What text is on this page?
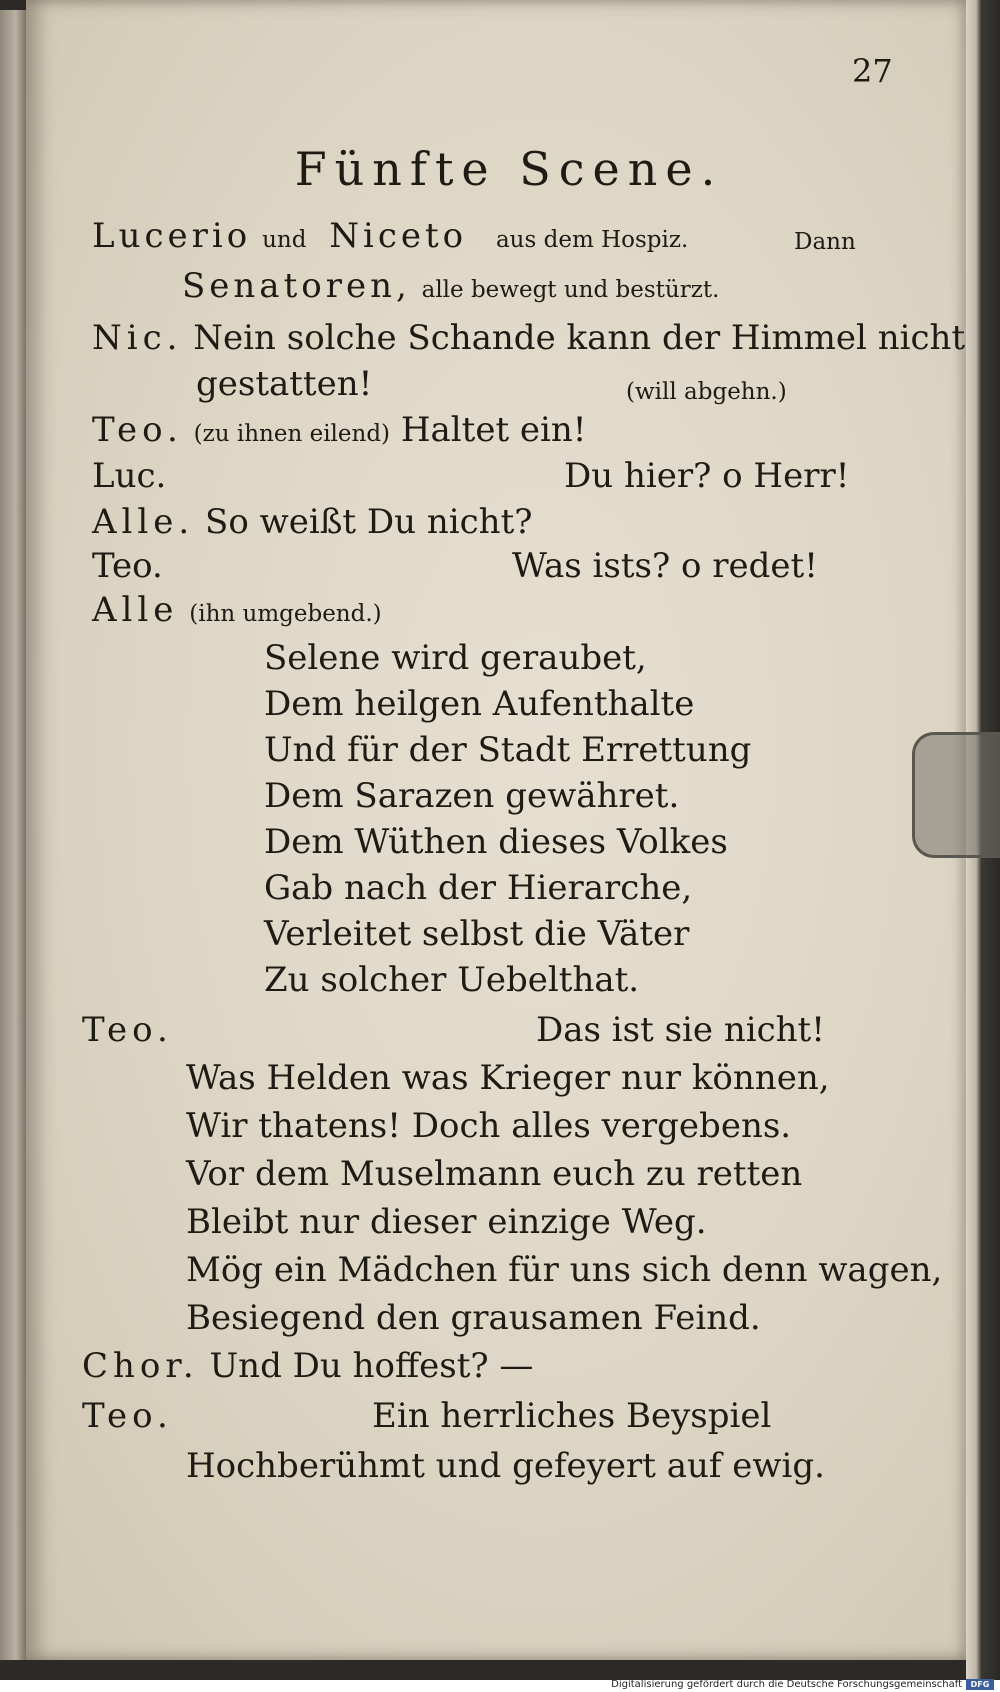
27
Fünfte Scene.
Lucerio und Niceto aus dem Hospiz.	Dann
Senatoren, alle bewegt und bestürzt.
Nic. Nein solche Schande kann der Himmel nicht
gestatten!	(will abgehn.)
Teo. (zu ihnen eilend) Haltet ein!
Luc.	Du hier? o Herr!
Alle. So weißt Du nicht?
Teo.	Was ists? o redet!
Alle (ihn umgebend.)
Selene wird geraubet,
Dem heilgen Aufenthalte
Und für der Stadt Errettung
Dem Sarazen gewähret.
Dem Wüthen dieses Volkes
Gab nach der Hierarche,
Verleitet selbst die Väter
Zu solcher Uebelthat.
Teo.	Das ist sie nicht!
Was Helden was Krieger nur können,
Wir thatens! Doch alles vergebens.
Vor dem Muselmann euch zu retten
Bleibt nur dieser einzige Weg.
Mög ein Mädchen für uns sich denn wagen,
Besiegend den grausamen Feind.
Chor. Und Du hoffest? —
Teo.	Ein herrliches Beyspiel
Hochberühmt und gefeyert auf ewig.
Digitalisierung gefördert durch die Deutsche Forschungsgemeinschaft	DFG
